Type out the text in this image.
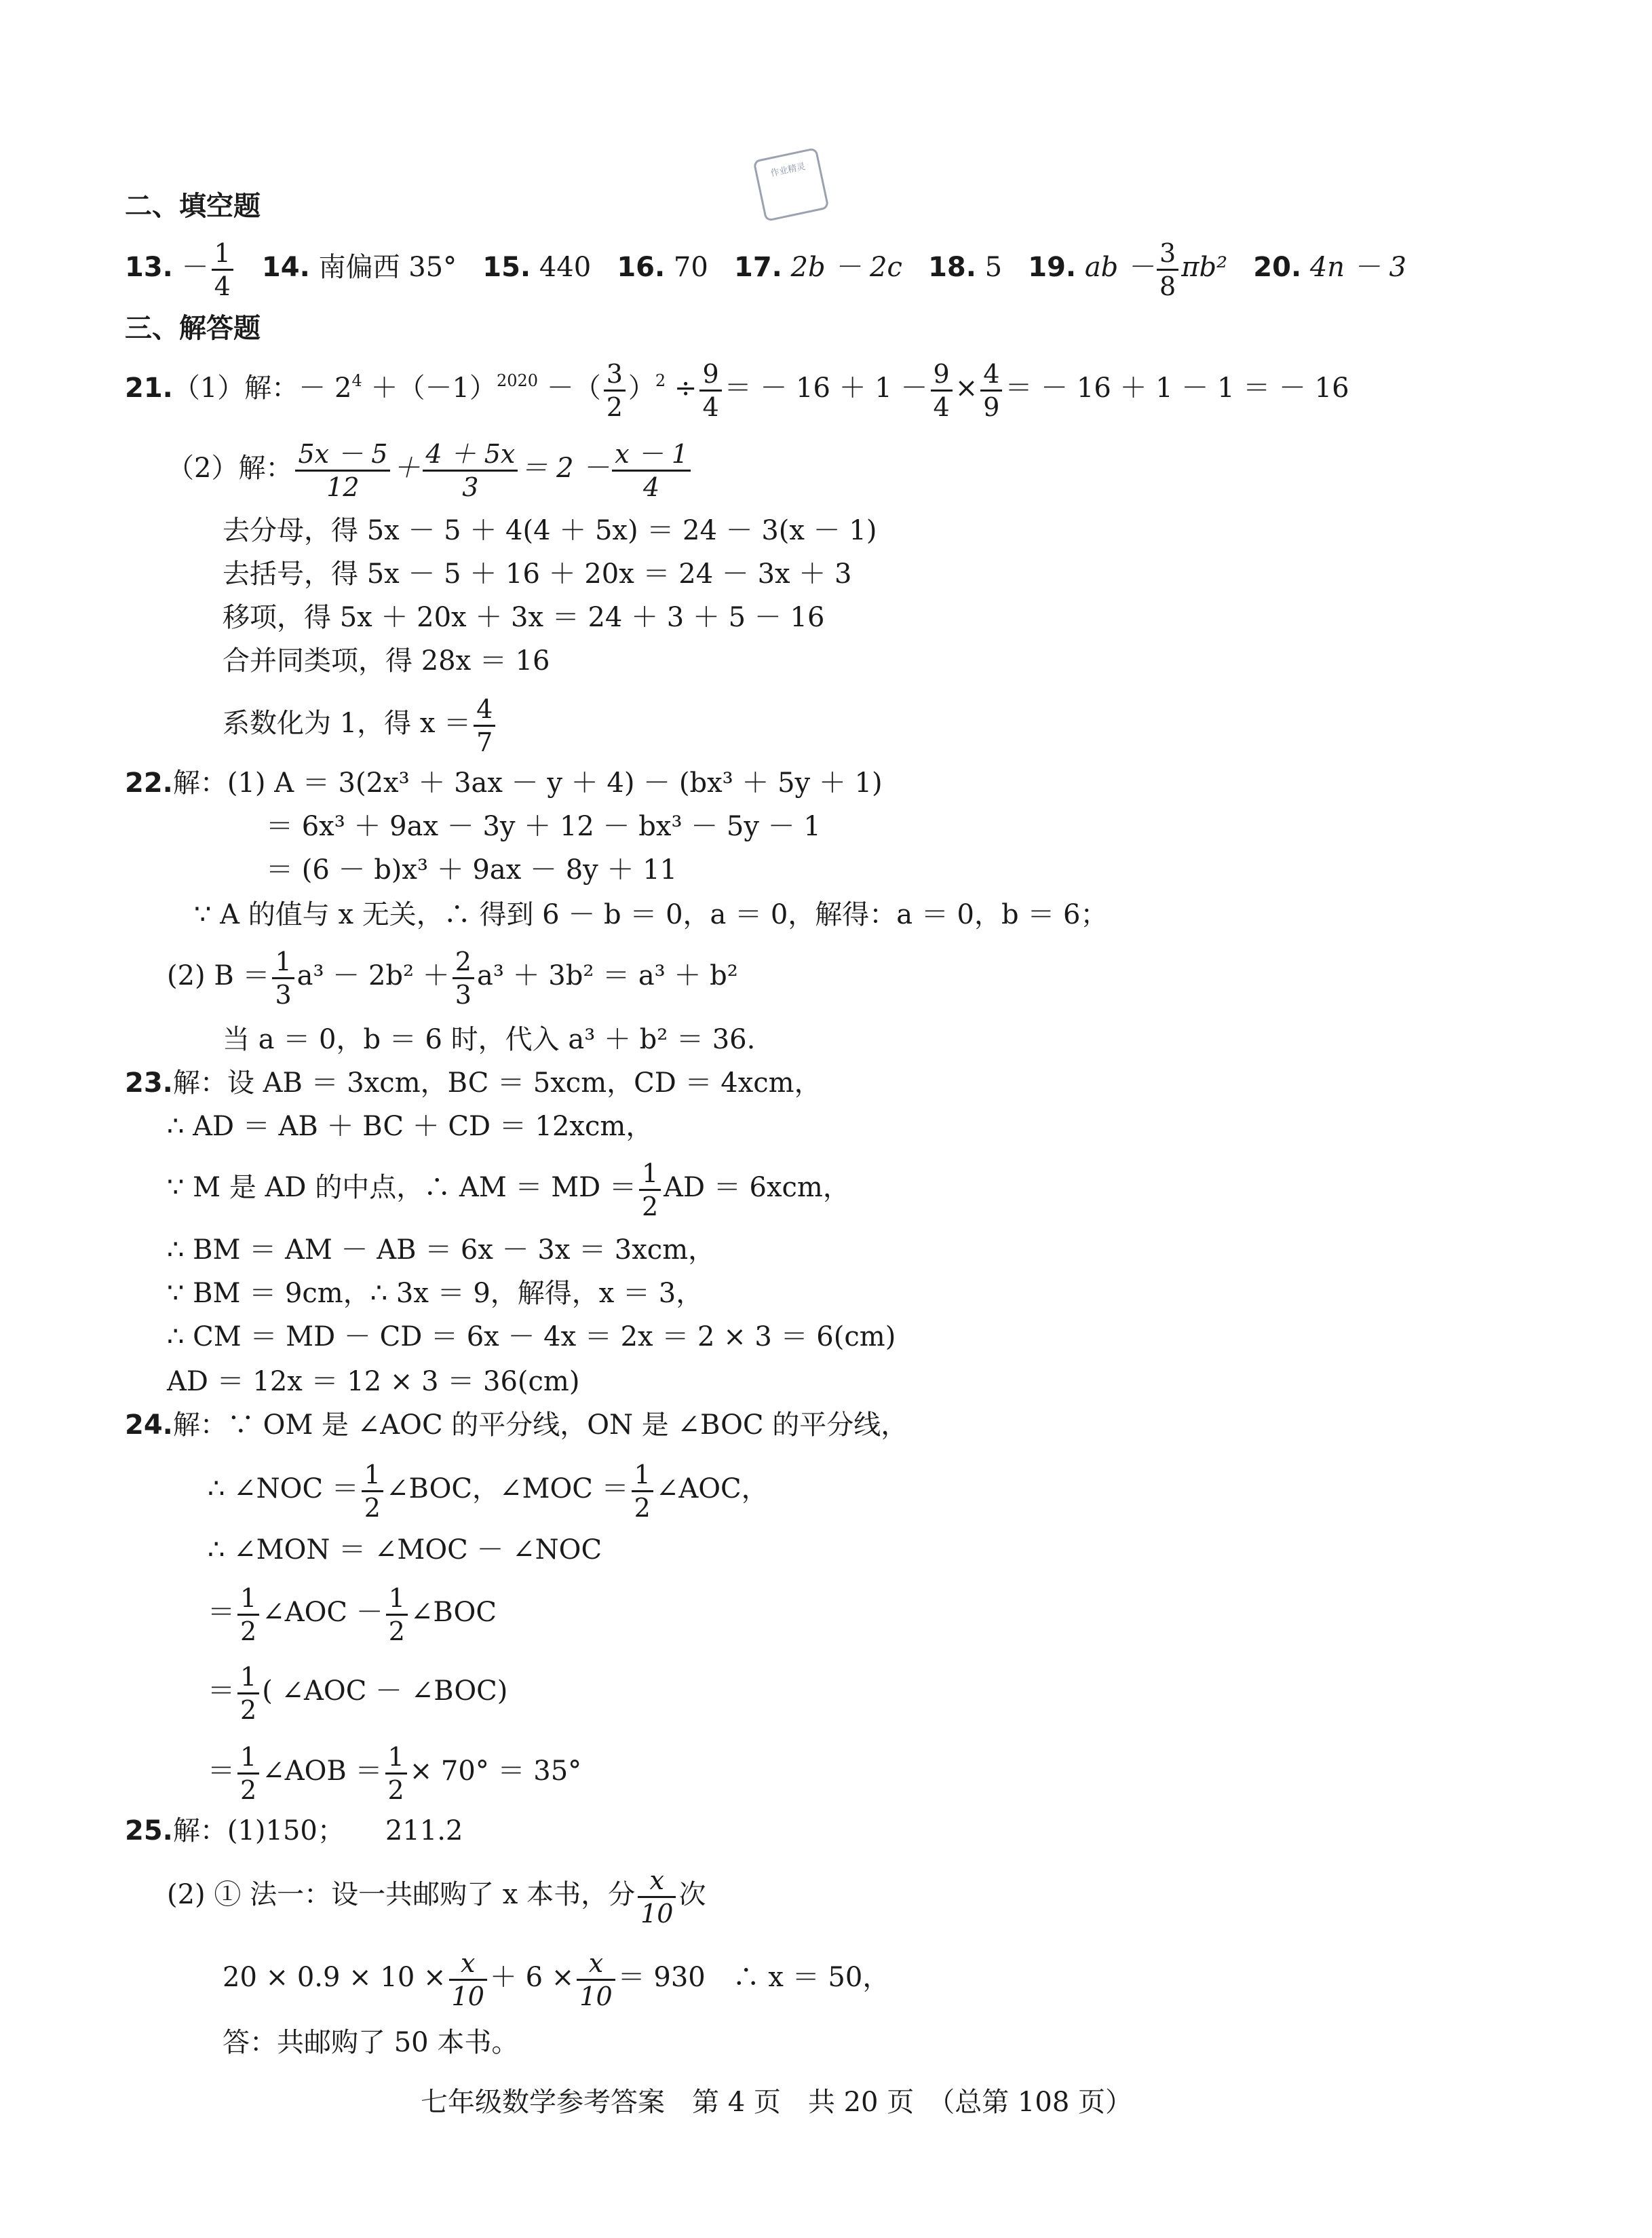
作业精灵
二、填空题
13. － $\frac{1}{4} 14$. 南偏西 35° 15. 440 16. 70 17. 2b － 2c 18. 5 19. ab － $\frac{3}{8} \pi b^2$ 20. 4n － 3
三、解答题
21.（1）解：－ $2^4 +(-1)^{2020}$ －（ $\frac{3}{2} )^2 \div \frac{9}{4}$ ＝ － $16 + 1 - \frac{9}{4} \times \frac{4}{9}$ ＝ － 16 ＋ 1 － 1 ＝ － 16
（2）解： $\frac{5x - 5}{12} + \frac{4 + 5x}{3} = 2 - \frac{x - 1}{4}$
去分母，得 5x － 5 ＋ 4(4 ＋ 5x) ＝ 24 － 3(x － 1)
去括号，得 5x － 5 ＋ 16 ＋ 20x ＝ 24 － 3x ＋ 3
移项，得 5x ＋ 20x ＋ 3x ＝ 24 ＋ 3 ＋ 5 － 16
合并同类项，得 28x ＝ 16
系数化为 1，得 $x = \frac{4}{7}$
22.解：(1) A ＝ 3(2x³ ＋ 3ax － y ＋ 4) － (bx³ ＋ 5y ＋ 1)
＝ 6x³ ＋ 9ax － 3y ＋ 12 － bx³ － 5y － 1
＝ (6 － b)x³ ＋ 9ax － 8y ＋ 11
∵ A 的值与 x 无关，∴ 得到 6 － b ＝ 0，a ＝ 0，解得：a ＝ 0，b ＝ 6；
(2) $B = \frac{1}{3} a^3 - 2b^2 + \frac{2}{3} a^3 + 3b^2 = a^3 + b^2$
当 a ＝ 0，b ＝ 6 时，代入 a³ ＋ b² ＝ 36.
23.解：设 AB ＝ 3xcm，BC ＝ 5xcm，CD ＝ 4xcm，
∴ AD ＝ AB ＋ BC ＋ CD ＝ 12xcm，
∵ M 是 AD 的中点，∴ AM ＝ MD ＝ $\frac{1}{2}$ AD ＝ 6xcm，
∴ BM ＝ AM － AB ＝ 6x － 3x ＝ 3xcm，
∵ BM ＝ 9cm，∴ 3x ＝ 9，解得，x ＝ 3，
∴ CM ＝ MD － CD ＝ 6x － 4x ＝ 2x ＝ 2 × 3 ＝ 6(cm)
AD ＝ 12x ＝ 12 × 3 ＝ 36(cm)
24.解：∵ OM 是 ∠AOC 的平分线，ON 是 ∠BOC 的平分线，
∴ ∠NOC ＝ $\frac{1}{2}$ ∠BOC，∠MOC ＝ $\frac{1}{2}$ ∠AOC，
∴ ∠MON ＝ ∠MOC － ∠NOC
＝ $\frac{1}{2}$ ∠AOC － $\frac{1}{2}$ ∠BOC
＝ $\frac{1}{2}$ ( ∠AOC － ∠BOC)
＝ $\frac{1}{2}$ ∠AOB ＝ $\frac{1}{2} \times 70^\circ = 35^\circ$
25.解：(1)150；　　211.2
(2) ① 法一：设一共邮购了 x 本书，分 $\frac{x}{10}$ 次
$20 \times 0.9 \times 10 \times \frac{x}{10} + 6 \times \frac{x}{10} = 930$　∴ x ＝ 50，
答：共邮购了 50 本书。
七年级数学参考答案　第 4 页　共 20 页　（总第 108 页）
